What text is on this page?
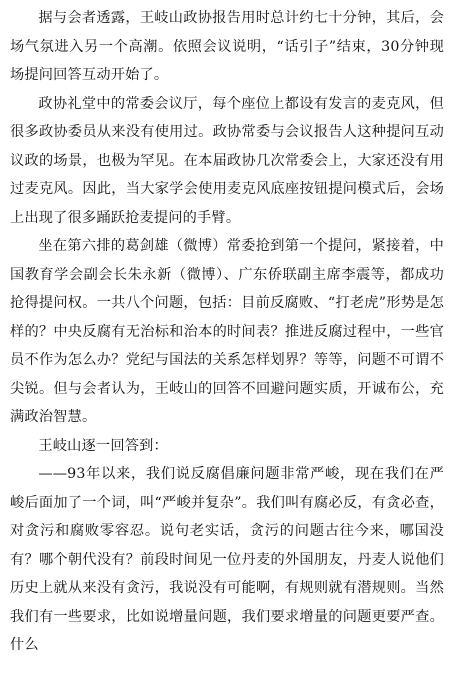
据与会者透露，王岐山政协报告用时总计约七十分钟，其后，会场气氛进入另一个高潮。依照会议说明，“话引子”结束，30分钟现场提问回答互动开始了。

政协礼堂中的常委会议厅，每个座位上都设有发言的麦克风，但很多政协委员从来没有使用过。政协常委与会议报告人这种提问互动议政的场景，也极为罕见。在本届政协几次常委会上，大家还没有用过麦克风。因此，当大家学会使用麦克风底座按钮提问模式后，会场上出现了很多踊跃抢麦提问的手臂。

坐在第六排的葛剑雄（微博）常委抢到第一个提问，紧接着，中国教育学会副会长朱永新（微博）、广东侨联副主席李震等，都成功抢得提问权。一共八个问题，包括：目前反腐败、“打老虎”形势是怎样的？中央反腐有无治标和治本的时间表？推进反腐过程中，一些官员不作为怎么办？党纪与国法的关系怎样划界？等等，问题不可谓不尖锐。但与会者认为，王岐山的回答不回避问题实质，开诚布公，充满政治智慧。

王岐山逐一回答到：

——93年以来，我们说反腐倡廉问题非常严峻，现在我们在严峻后面加了一个词，叫“严峻并复杂”。我们叫有腐必反，有贪必查，对贪污和腐败零容忍。说句老实话，贪污的问题古往今来，哪国没有？哪个朝代没有？前段时间见一位丹麦的外国朋友，丹麦人说他们历史上就从来没有贪污，我说没有可能啊，有规则就有潜规则。当然我们有一些要求，比如说增量问题，我们要求增量的问题更要严查。什么
